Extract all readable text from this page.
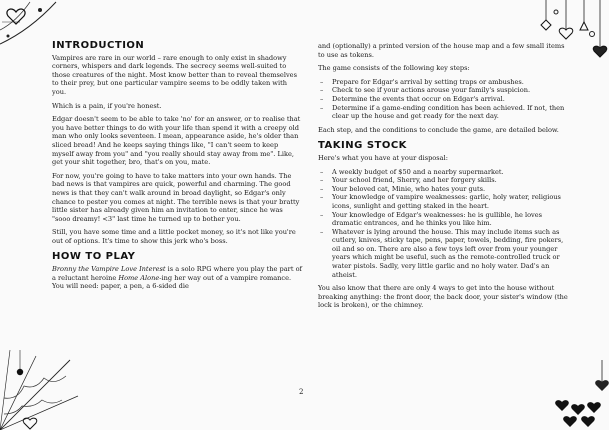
INTRODUCTION

Vampires are rare in our world – rare enough to only exist in shadowy corners, whispers and dark legends. The secrecy seems well-suited to those creatures of the night. Most know better than to reveal themselves to their prey, but one particular vampire seems to be oddly taken with you.

Which is a pain, if you're honest.

Edgar doesn't seem to be able to take 'no' for an answer, or to realise that you have better things to do with your life than spend it with a creepy old man who only looks seventeen. I mean, appearance aside, he's older than sliced bread! And he keeps saying things like, "I can't seem to keep myself away from you" and "you really should stay away from me". Like, get your shit together, bro, that's on you, mate.

For now, you're going to have to take matters into your own hands. The bad news is that vampires are quick, powerful and charming. The good news is that they can't walk around in broad daylight, so Edgar's only chance to pester you comes at night. The terrible news is that your bratty little sister has already given him an invitation to enter, since he was "sooo dreamy! <3" last time he turned up to bother you.

Still, you have some time and a little pocket money, so it's not like you're out of options. It's time to show this jerk who's boss.

HOW TO PLAY

Bronny the Vampire Love Interest is a solo RPG where you play the part of a reluctant heroine Home Alone-ing her way out of a vampire romance. You will need: paper, a pen, a 6-sided die

and (optionally) a printed version of the house map and a few small items to use as tokens.

The game consists of the following key steps:

– Prepare for Edgar's arrival by setting traps or ambushes.
– Check to see if your actions arouse your family's suspicion.
– Determine the events that occur on Edgar's arrival.
– Determine if a game-ending condition has been achieved. If not, then clear up the house and get ready for the next day.

Each step, and the conditions to conclude the game, are detailed below.

TAKING STOCK

Here's what you have at your disposal:

– A weekly budget of $50 and a nearby supermarket.
– Your school friend, Sherry, and her forgery skills.
– Your beloved cat, Minie, who hates your guts.
– Your knowledge of vampire weaknesses: garlic, holy water, religious icons, sunlight and getting staked in the heart.
– Your knowledge of Edgar's weaknesses: he is gullible, he loves dramatic entrances, and he thinks you like him.
– Whatever is lying around the house. This may include items such as cutlery, knives, sticky tape, pens, paper, towels, bedding, fire pokers, oil and so on. There are also a few toys left over from your younger years which might be useful, such as the remote-controlled truck or water pistols. Sadly, very little garlic and no holy water. Dad's an atheist.

You also know that there are only 4 ways to get into the house without breaking anything: the front door, the back door, your sister's window (the lock is broken), or the chimney.

2
